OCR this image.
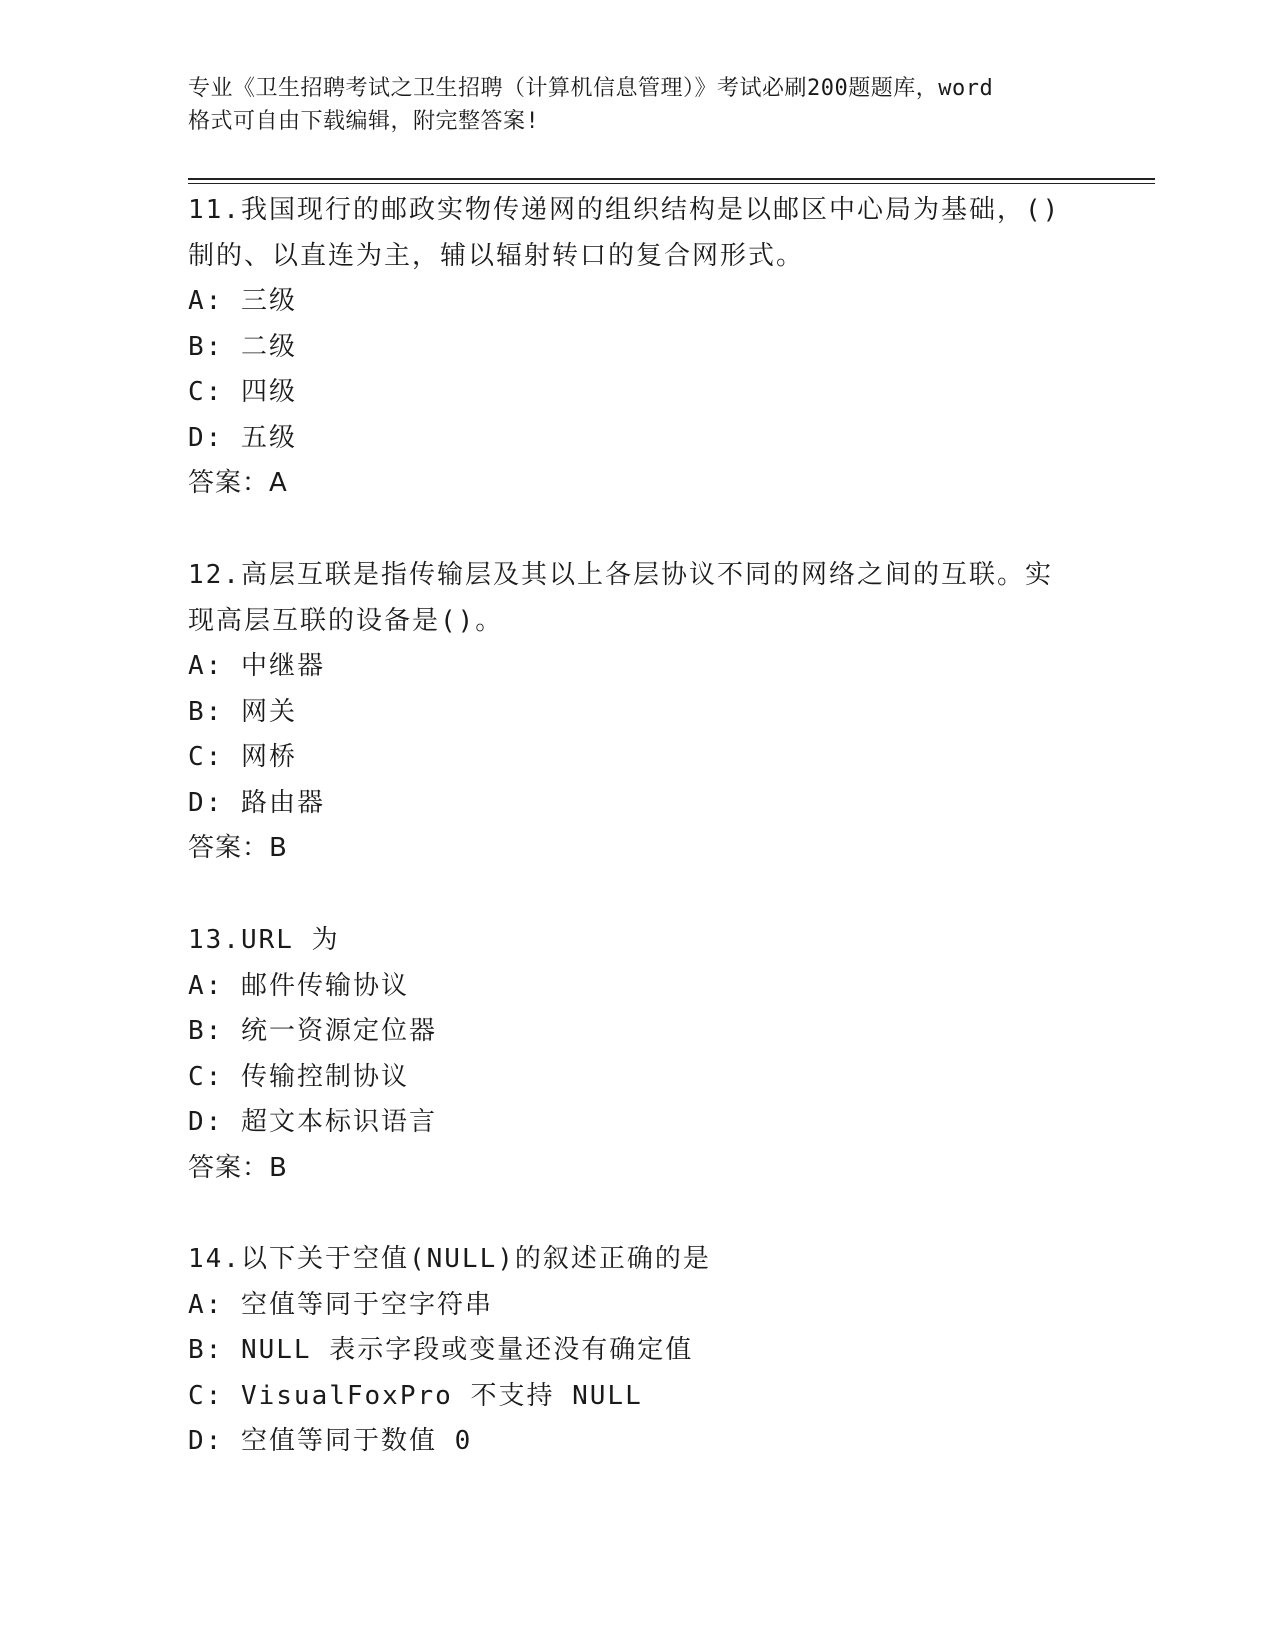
专业《卫生招聘考试之卫生招聘（计算机信息管理）》考试必刷200题题库，word
格式可自由下载编辑，附完整答案!
11.我国现行的邮政实物传递网的组织结构是以邮区中心局为基础，()
制的、以直连为主，辅以辐射转口的复合网形式。
A: 三级
B: 二级
C: 四级
D: 五级
答案：A
12.高层互联是指传输层及其以上各层协议不同的网络之间的互联。实
现高层互联的设备是()。
A: 中继器
B: 网关
C: 网桥
D: 路由器
答案：B
13.URL 为
A: 邮件传输协议
B: 统一资源定位器
C: 传输控制协议
D: 超文本标识语言
答案：B
14.以下关于空值(NULL)的叙述正确的是
A: 空值等同于空字符串
B: NULL 表示字段或变量还没有确定值
C: VisualFoxPro 不支持 NULL
D: 空值等同于数值 0
